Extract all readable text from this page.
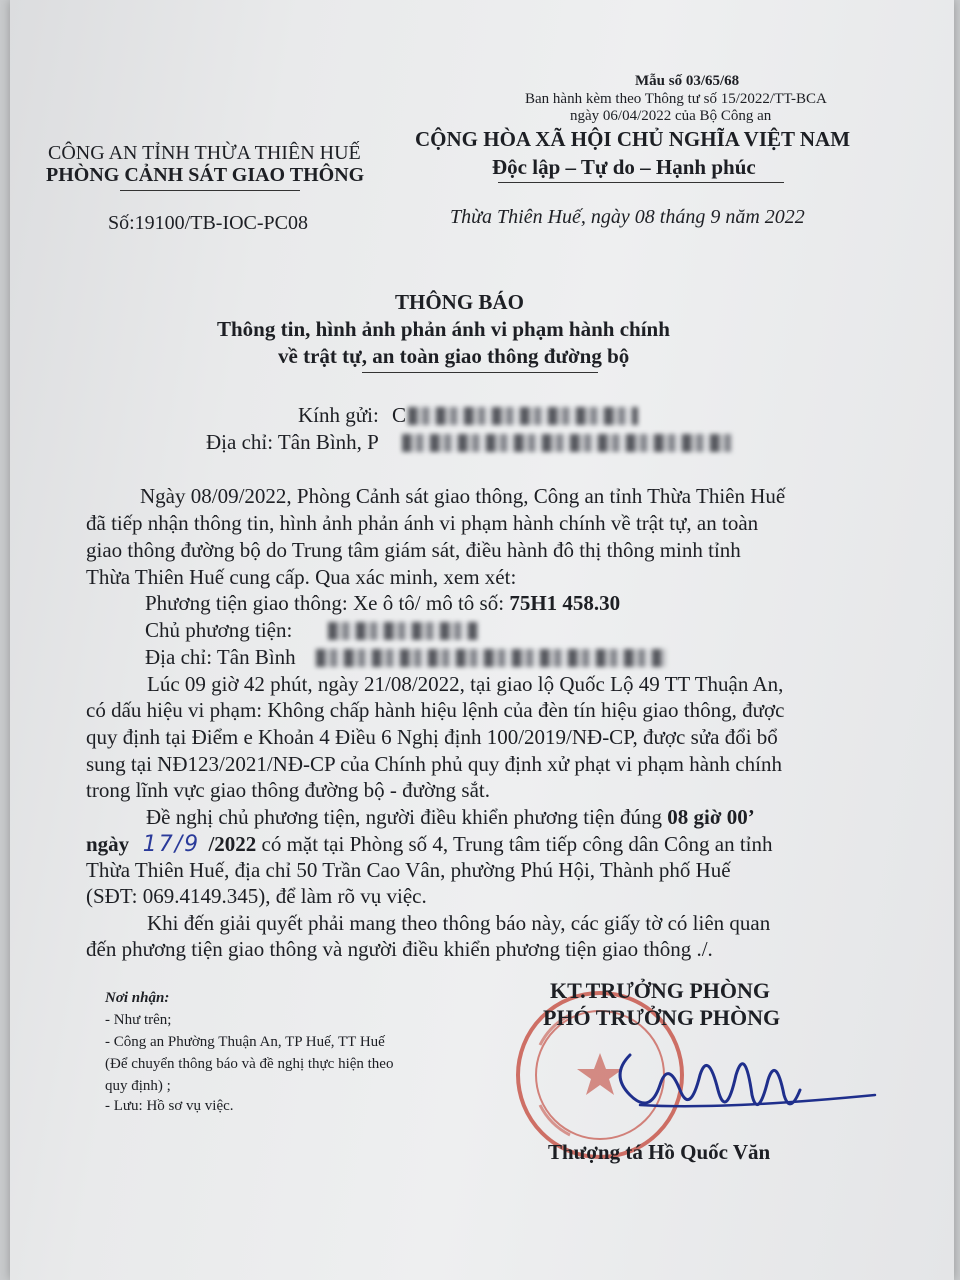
Mẫu số 03/65/68
Ban hành kèm theo Thông tư số 15/2022/TT-BCA
ngày 06/04/2022 của Bộ Công an
CÔNG AN TỈNH THỪA THIÊN HUẾ
PHÒNG CẢNH SÁT GIAO THÔNG
Số:19100/TB-IOC-PC08
CỘNG HÒA XÃ HỘI CHỦ NGHĨA VIỆT NAM
Độc lập – Tự do – Hạnh phúc
Thừa Thiên Huế, ngày 08 tháng 9 năm 2022
THÔNG BÁO
Thông tin, hình ảnh phản ánh vi phạm hành chính
về trật tự, an toàn giao thông đường bộ
Kính gửi: C
Địa chỉ: Tân Bình, P
Ngày 08/09/2022, Phòng Cảnh sát giao thông, Công an tỉnh Thừa Thiên Huế
đã tiếp nhận thông tin, hình ảnh phản ánh vi phạm hành chính về trật tự, an toàn
giao thông đường bộ do Trung tâm giám sát, điều hành đô thị thông minh tỉnh
Thừa Thiên Huế cung cấp. Qua xác minh, xem xét:
Phương tiện giao thông: Xe ô tô/ mô tô số: 75H1 458.30
Chủ phương tiện:
Địa chỉ: Tân Bình
Lúc 09 giờ 42 phút, ngày 21/08/2022, tại giao lộ Quốc Lộ 49 TT Thuận An,
có dấu hiệu vi phạm: Không chấp hành hiệu lệnh của đèn tín hiệu giao thông, được
quy định tại Điểm e Khoản 4 Điều 6 Nghị định 100/2019/NĐ-CP, được sửa đổi bổ
sung tại NĐ123/2021/NĐ-CP của Chính phủ quy định xử phạt vi phạm hành chính
trong lĩnh vực giao thông đường bộ - đường sắt.
Đề nghị chủ phương tiện, người điều khiển phương tiện đúng 08 giờ 00’
ngày 17/9 /2022 có mặt tại Phòng số 4, Trung tâm tiếp công dân Công an tỉnh
Thừa Thiên Huế, địa chỉ 50 Trần Cao Vân, phường Phú Hội, Thành phố Huế
(SĐT: 069.4149.345), để làm rõ vụ việc.
Khi đến giải quyết phải mang theo thông báo này, các giấy tờ có liên quan
đến phương tiện giao thông và người điều khiển phương tiện giao thông ./.
Nơi nhận:
- Như trên;
- Công an Phường Thuận An, TP Huế, TT Huế
(Để chuyển thông báo và đề nghị thực hiện theo
quy định) ;
- Lưu: Hồ sơ vụ việc.
KT.TRƯỞNG PHÒNG
PHÓ TRƯỞNG PHÒNG
Thượng tá Hồ Quốc Văn
